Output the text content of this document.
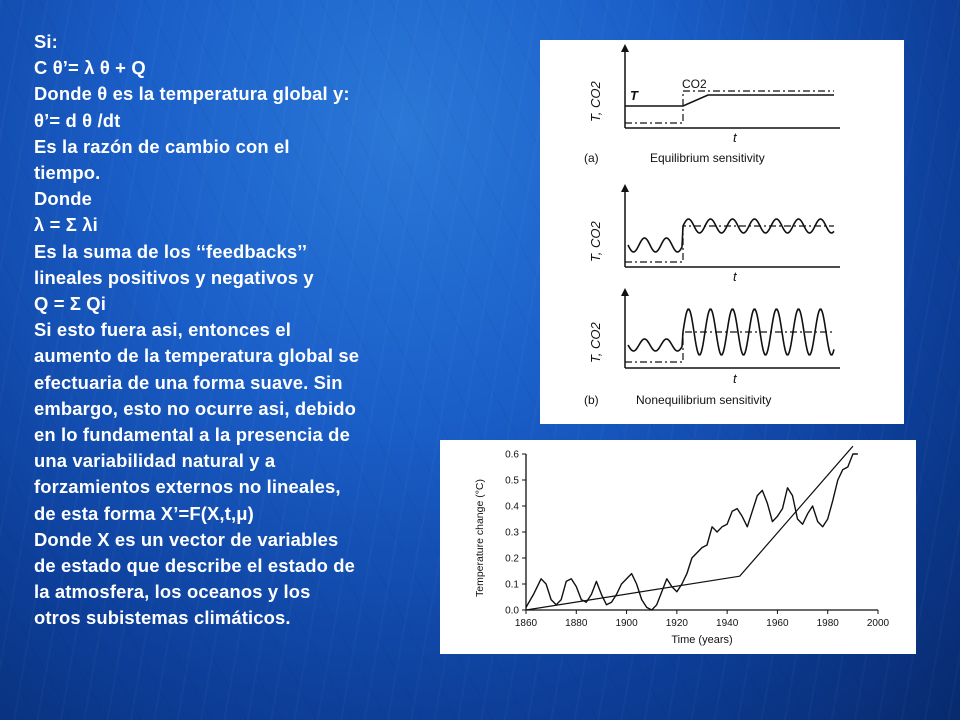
Si:
C θ’= λ θ + Q
Donde θ es la temperatura global y:
θ’= d θ /dt
Es la razón de cambio con el
tiempo.
Donde
λ = Σ λi
Es la suma de los ‘‘feedbacks’’
lineales positivos y negativos y
Q = Σ Qi
Si esto fuera asi, entonces el
aumento de la temperatura global se
efectuaria de una forma suave. Sin
embargo, esto no ocurre asi, debido
en lo fundamental a la presencia de
una variabilidad natural y a
forzamientos externos no lineales,
de esta forma X’=F(X,t,μ)
Donde X es un vector de variables
de estado que describe el estado de
la atmosfera, los oceanos y los
otros subistemas climáticos.
T, CO2 T
CO2
t
(a)	Equilibrium sensitivity
T, CO2
t
T, CO2
t
(b)	Nonequilibrium sensitivity
1860	1880	1900	1920	1940	1960	1980	2000
0.0
0.1
0.2
0.3
0.4
0.5
0.6
Time (years)
Temperature change (°C)
